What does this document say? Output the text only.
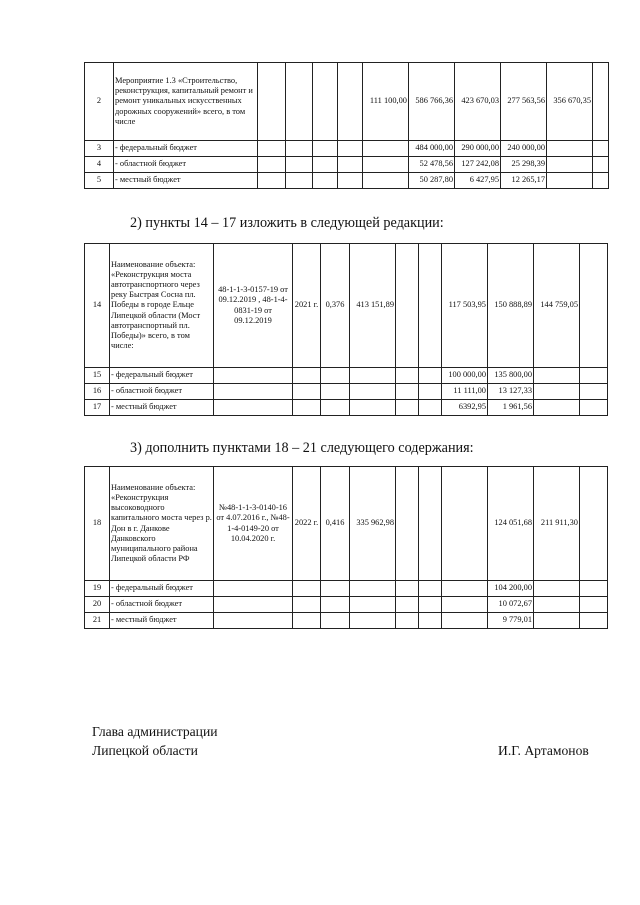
2	Мероприятие 1.3 «Строительство, реконструкция, капитальный ремонт и ремонт уникальных искусственных дорожных сооружений» всего, в том числе					111 100,00	586 766,36	423 670,03	277 563,56	356 670,35	
3	- федеральный бюджет						484 000,00	290 000,00	240 000,00		
4	- областной бюджет						52 478,56	127 242,08	25 298,39		
5	- местный бюджет						50 287,80	6 427,95	12 265,17		
2) пункты 14 – 17 изложить в следующей редакции:
14	Наименование объекта: «Реконструкция моста автотранспортного через реку Быстрая Сосна пл. Победы в городе Ельце Липецкой области (Мост автотранспортный пл. Победы)» всего, в том числе:	48-1-1-3-0157-19 от 09.12.2019 , 48-1-4-0831-19 от 09.12.2019	2021 г.	0,376	413 151,89			117 503,95	150 888,89	144 759,05	
15	- федеральный бюджет							100 000,00	135 800,00		
16	- областной бюджет							11 111,00	13 127,33		
17	- местный бюджет							6392,95	1 961,56		
3) дополнить пунктами 18 – 21 следующего содержания:
18	Наименование объекта: «Реконструкция высоководного капитального моста через р. Дон в г. Данкове Данковского муниципального района Липецкой области РФ	№48-1-1-3-0140-16 от 4.07.2016 г., №48-1-4-0149-20 от 10.04.2020 г.	2022 г.	0,416	335 962,98				124 051,68	211 911,30	
19	- федеральный бюджет								104 200,00		
20	- областной бюджет								10 072,67		
21	- местный бюджет								9 779,01		
Глава администрации
Липецкой области	И.Г. Артамонов
